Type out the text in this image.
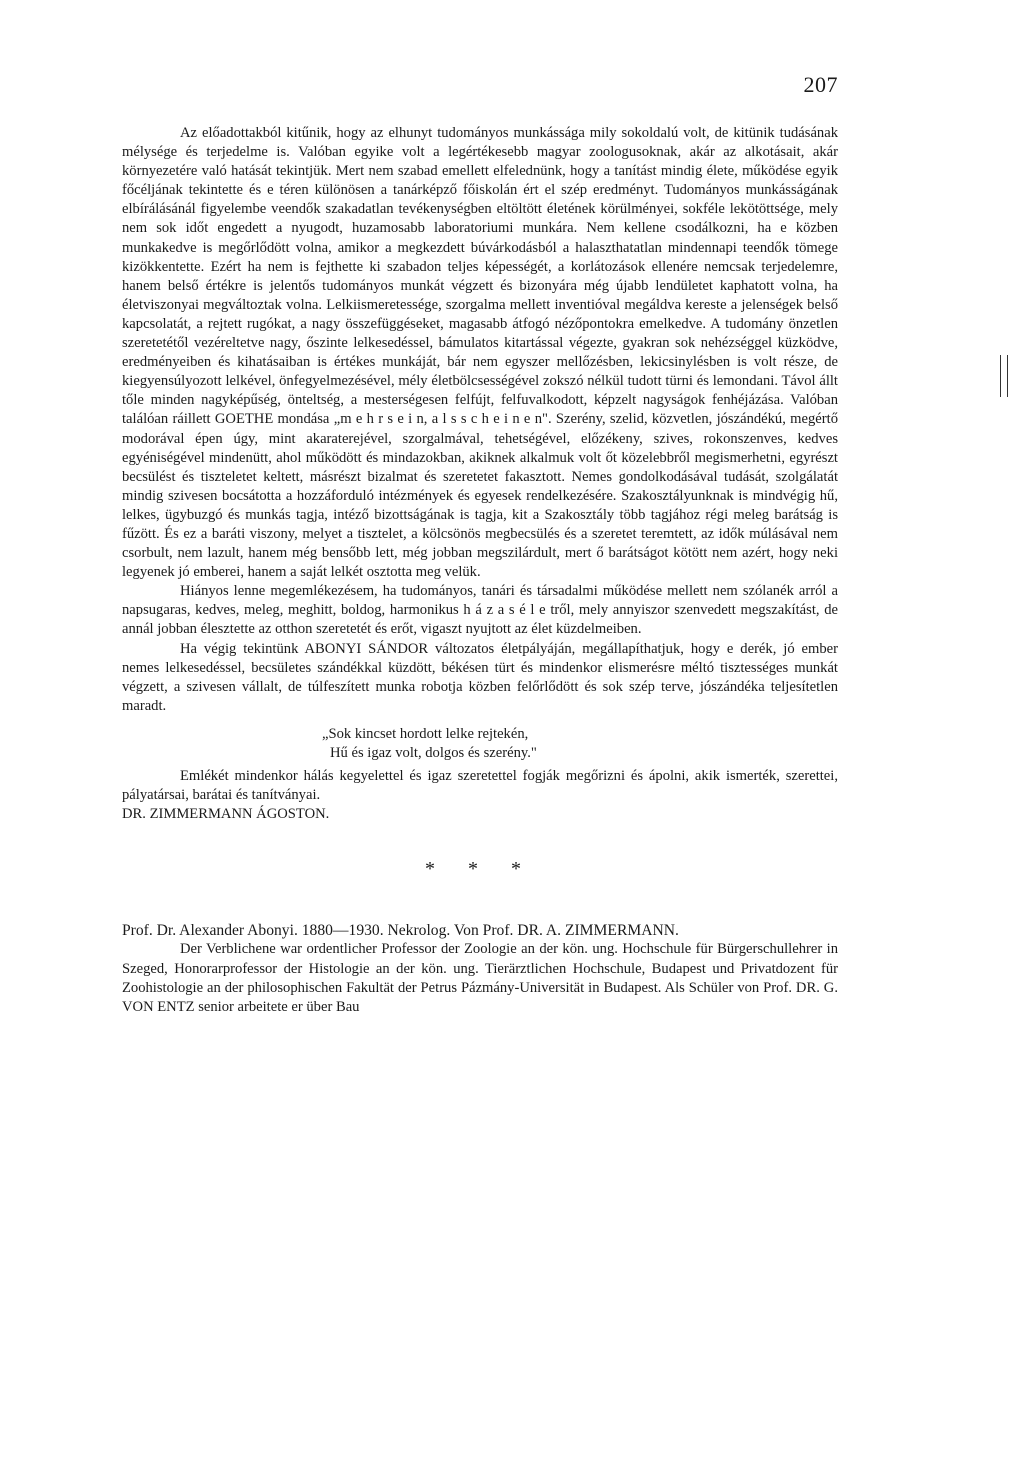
207

Az előadottakból kitűnik, hogy az elhunyt tudományos munkássága mily sokoldalú volt, de kitünik tudásának mélysége és terjedelme is. Valóban egyike volt a legértékesebb magyar zoologusoknak, akár az alkotásait, akár környezetére való hatását tekintjük. Mert nem szabad emellett elfelednünk, hogy a tanítást mindig élete, működése egyik főcéljának tekintette és e téren különösen a tanárképző főiskolán ért el szép eredményt. Tudományos munkásságának elbírálásánál figyelembe veendők szakadatlan tevékenységben eltöltött életének körülményei, sokféle lekötöttsége, mely nem sok időt engedett a nyugodt, huzamosabb laboratoriumi munkára. Nem kellene csodálkozni, ha e közben munkakedve is megőrlődött volna, amikor a megkezdett búvárkodásból a halaszthatatlan mindennapi teendők tömege kizökkentette. Ezért ha nem is fejthette ki szabadon teljes képességét, a korlátozások ellenére nemcsak terjedelemre, hanem belső értékre is jelentős tudományos munkát végzett és bizonyára még újabb lendületet kaphatott volna, ha életviszonyai megváltoztak volna. Lelkiismeretessége, szorgalma mellett inventióval megáldva kereste a jelenségek belső kapcsolatát, a rejtett rugókat, a nagy összefüggéseket, magasabb átfogó nézőpontokra emelkedve. A tudomány önzetlen szeretetétől vezéreltetve nagy, őszinte lelkesedéssel, bámulatos kitartással végezte, gyakran sok nehézséggel küzködve, eredményeiben és kihatásaiban is értékes munkáját, bár nem egyszer mellőzésben, lekicsinylésben is volt része, de kiegyensúlyozott lelkével, önfegyelmezésével, mély életbölcsességével zokszó nélkül tudott türni és lemondani. Távol állt tőle minden nagyképűség, önteltség, a mesterségesen felfújt, felfuvalkodott, képzelt nagyságok fenhéjázása. Valóban találóan ráillett GOETHE mondása „m e h r s e i n, a l s s c h e i n e n". Szerény, szelid, közvetlen, jószándékú, megértő modorával épen úgy, mint akaraterejével, szorgalmával, tehetségével, előzékeny, szives, rokonszenves, kedves egyéniségével mindenütt, ahol működött és mindazokban, akiknek alkalmuk volt őt közelebbről megismerhetni, egyrészt becsülést és tiszteletet keltett, másrészt bizalmat és szeretetet fakasztott. Nemes gondolkodásával tudását, szolgálatát mindig szivesen bocsátotta a hozzáforduló intézmények és egyesek rendelkezésére. Szakosztályunknak is mindvégig hű, lelkes, ügybuzgó és munkás tagja, intéző bizottságának is tagja, kit a Szakosztály több tagjához régi meleg barátság is fűzött. És ez a baráti viszony, melyet a tisztelet, a kölcsönös megbecsülés és a szeretet teremtett, az idők múlásával nem csorbult, nem lazult, hanem még bensőbb lett, még jobban megszilárdult, mert ő barátságot kötött nem azért, hogy neki legyenek jó emberei, hanem a saját lelkét osztotta meg velük.

Hiányos lenne megemlékezésem, ha tudományos, tanári és társadalmi működése mellett nem szólanék arról a napsugaras, kedves, meleg, meghitt, boldog, harmonikus h á z a s é l e tről, mely annyiszor szenvedett megszakítást, de annál jobban élesztette az otthon szeretetét és erőt, vigaszt nyujtott az élet küzdelmeiben.

Ha végig tekintünk ABONYI SÁNDOR változatos életpályáján, megállapíthatjuk, hogy e derék, jó ember nemes lelkesedéssel, becsületes szándékkal küzdött, békésen türt és mindenkor elismerésre méltó tisztességes munkát végzett, a szivesen vállalt, de túlfeszített munka robotja közben felőrlődött és sok szép terve, jószándéka teljesítetlen maradt.

„Sok kincset hordott lelke rejtekén,
Hű és igaz volt, dolgos és szerény."

Emlékét mindenkor hálás kegyelettel és igaz szeretettel fogják megőrizni és ápolni, akik ismerték, szerettei, pályatársai, barátai és tanítványai.

DR. ZIMMERMANN ÁGOSTON.

* * *

Prof. Dr. Alexander Abonyi. 1880—1930. Nekrolog. Von Prof. DR. A. ZIMMERMANN.

Der Verblichene war ordentlicher Professor der Zoologie an der kön. ung. Hochschule für Bürgerschullehrer in Szeged, Honorarprofessor der Histologie an der kön. ung. Tierärztlichen Hochschule, Budapest und Privatdozent für Zoohistologie an der philosophischen Fakultät der Petrus Pázmány-Universität in Budapest. Als Schüler von Prof. DR. G. VON ENTZ senior arbeitete er über Bau
